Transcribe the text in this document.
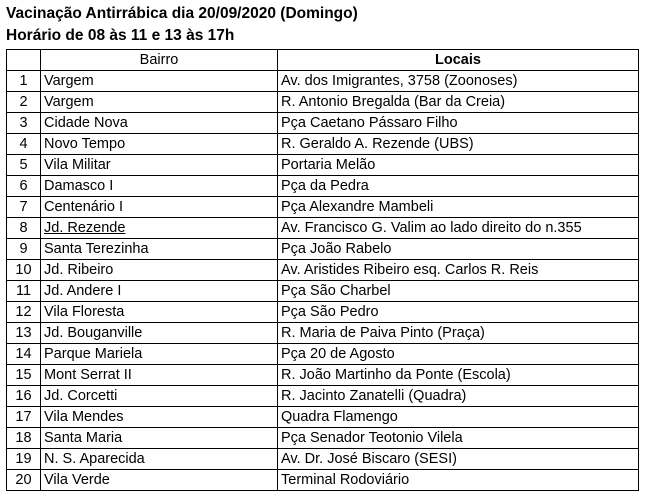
Vacinação Antirrábica dia 20/09/2020 (Domingo)
Horário de 08 às 11 e 13 às 17h
	Bairro	Locais
1	Vargem	Av. dos Imigrantes, 3758 (Zoonoses)
2	Vargem	R. Antonio Bregalda (Bar da Creia)
3	Cidade Nova	Pça Caetano Pássaro Filho
4	Novo Tempo	R. Geraldo A. Rezende (UBS)
5	Vila Militar	Portaria Melão
6	Damasco I	Pça da Pedra
7	Centenário I	Pça Alexandre Mambeli
8	Jd. Rezende	Av. Francisco G. Valim ao lado direito do n.355
9	Santa Terezinha	Pça João Rabelo
10	Jd. Ribeiro	Av. Aristides Ribeiro esq. Carlos R. Reis
11	Jd. Andere I	Pça São Charbel
12	Vila Floresta	Pça São Pedro
13	Jd. Bouganville	R. Maria de Paiva Pinto (Praça)
14	Parque Mariela	Pça 20 de Agosto
15	Mont Serrat II	R. João Martinho da Ponte (Escola)
16	Jd. Corcetti	R. Jacinto Zanatelli (Quadra)
17	Vila Mendes	Quadra Flamengo
18	Santa Maria	Pça Senador Teotonio Vilela
19	N. S. Aparecida	Av. Dr. José Biscaro (SESI)
20	Vila Verde	Terminal Rodoviário
